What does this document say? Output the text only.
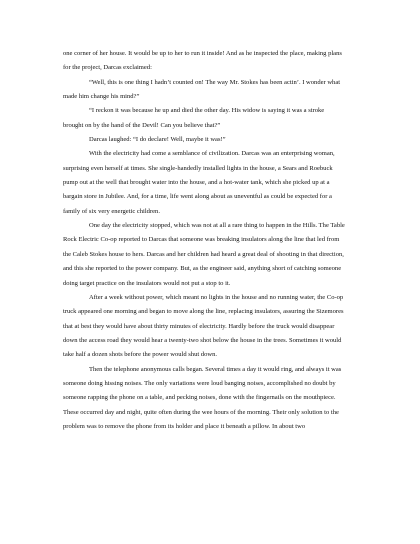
one corner of her house. It would be up to her to run it inside! And as he inspected the place, making plans
for the project, Darcas exclaimed:

“Well, this is one thing I hadn’t counted on! The way Mr. Stokes has been actin’. I wonder what
made him change his mind?”

“I reckon it was because he up and died the other day. His widow is saying it was a stroke
brought on by the hand of the Devil! Can you believe that?”

Darcas laughed: “I do declare! Well, maybe it was!”

With the electricity had come a semblance of civilization. Darcas was an enterprising woman,
surprising even herself at times. She single-handedly installed lights in the house, a Sears and Roebuck
pump out at the well that brought water into the house, and a hot-water tank, which she picked up at a
bargain store in Jubilee. And, for a time, life went along about as uneventful as could be expected for a
family of six very energetic children.

One day the electricity stopped, which was not at all a rare thing to happen in the Hills. The Table
Rock Electric Co-op reported to Darcas that someone was breaking insulators along the line that led from
the Caleb Stokes house to hers. Darcas and her children had heard a great deal of shooting in that direction,
and this she reported to the power company. But, as the engineer said, anything short of catching someone
doing target practice on the insulators would not put a stop to it.

After a week without power, which meant no lights in the house and no running water, the Co-op
truck appeared one morning and began to move along the line, replacing insulators, assuring the Sizemores
that at best they would have about thirty minutes of electricity. Hardly before the truck would disappear
down the access road they would hear a twenty-two shot below the house in the trees. Sometimes it would
take half a dozen shots before the power would shut down.

Then the telephone anonymous calls began. Several times a day it would ring, and always it was
someone doing hissing noises. The only variations were loud banging noises, accomplished no doubt by
someone rapping the phone on a table, and pecking noises, done with the fingernails on the mouthpiece.
These occurred day and night, quite often during the wee hours of the morning. Their only solution to the
problem was to remove the phone from its holder and place it beneath a pillow. In about two
